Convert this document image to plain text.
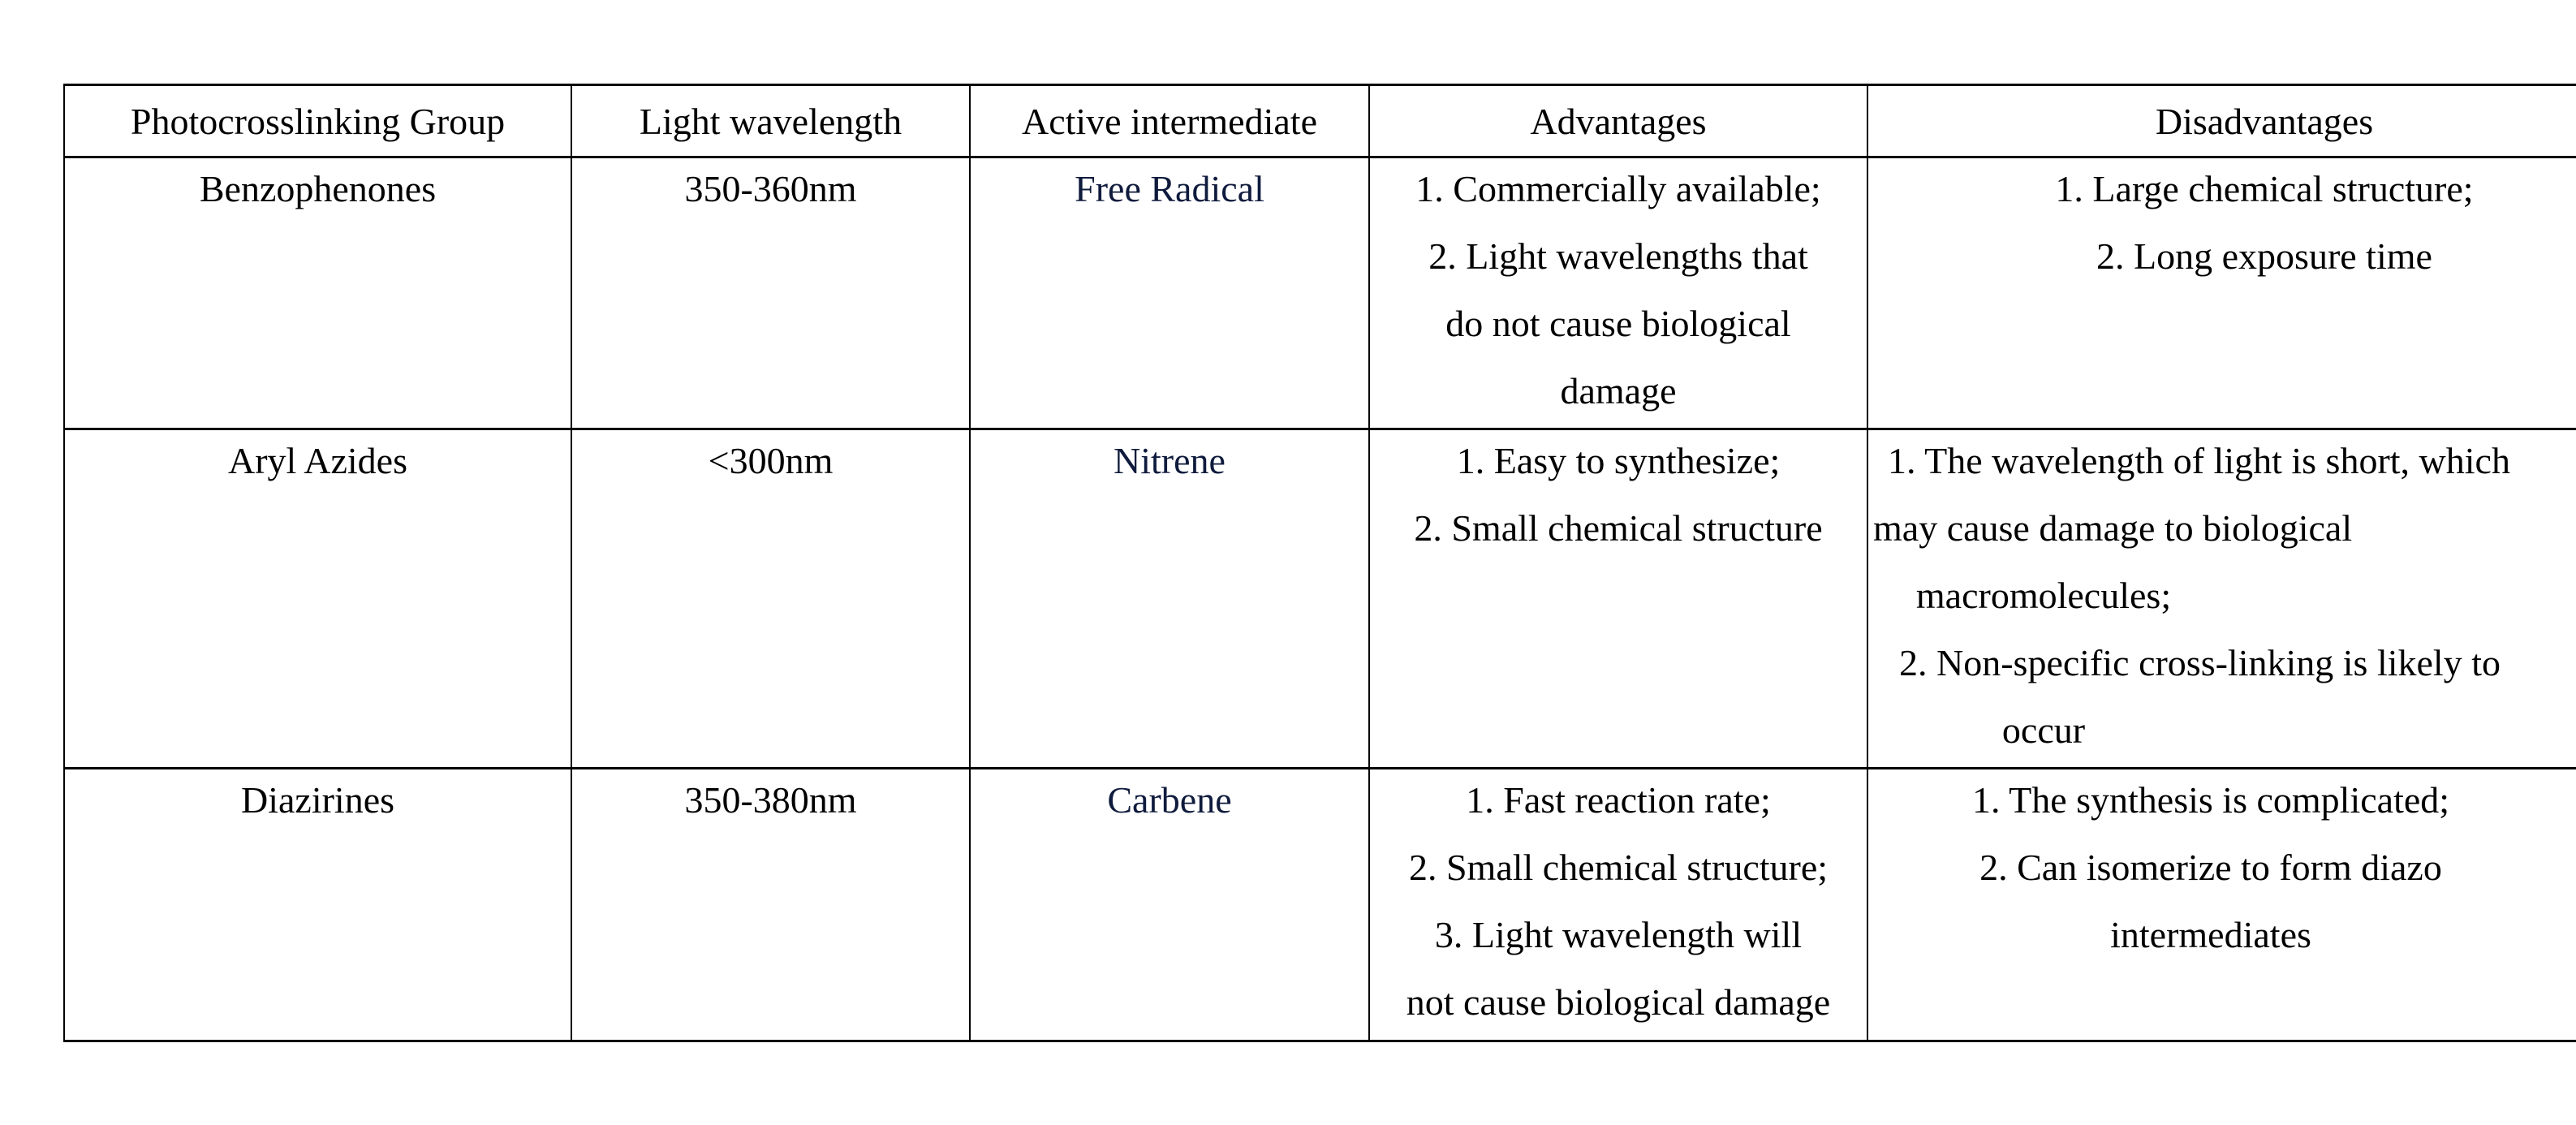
Photocrosslinking Group	Light wavelength	Active intermediate	Advantages	Disadvantages

Benzophenones	350-360nm	Free Radical	1. Commercially available;
2. Light wavelengths that
do not cause biological
damage	1. Large chemical structure;
2. Long exposure time

Aryl Azides	<300nm	Nitrene	1. Easy to synthesize;
2. Small chemical structure	1. The wavelength of light is short, which
may cause damage to biological
macromolecules;
2. Non-specific cross-linking is likely to
occur

Diazirines	350-380nm	Carbene	1. Fast reaction rate;
2. Small chemical structure;
3. Light wavelength will
not cause biological damage	1. The synthesis is complicated;
2. Can isomerize to form diazo
intermediates
